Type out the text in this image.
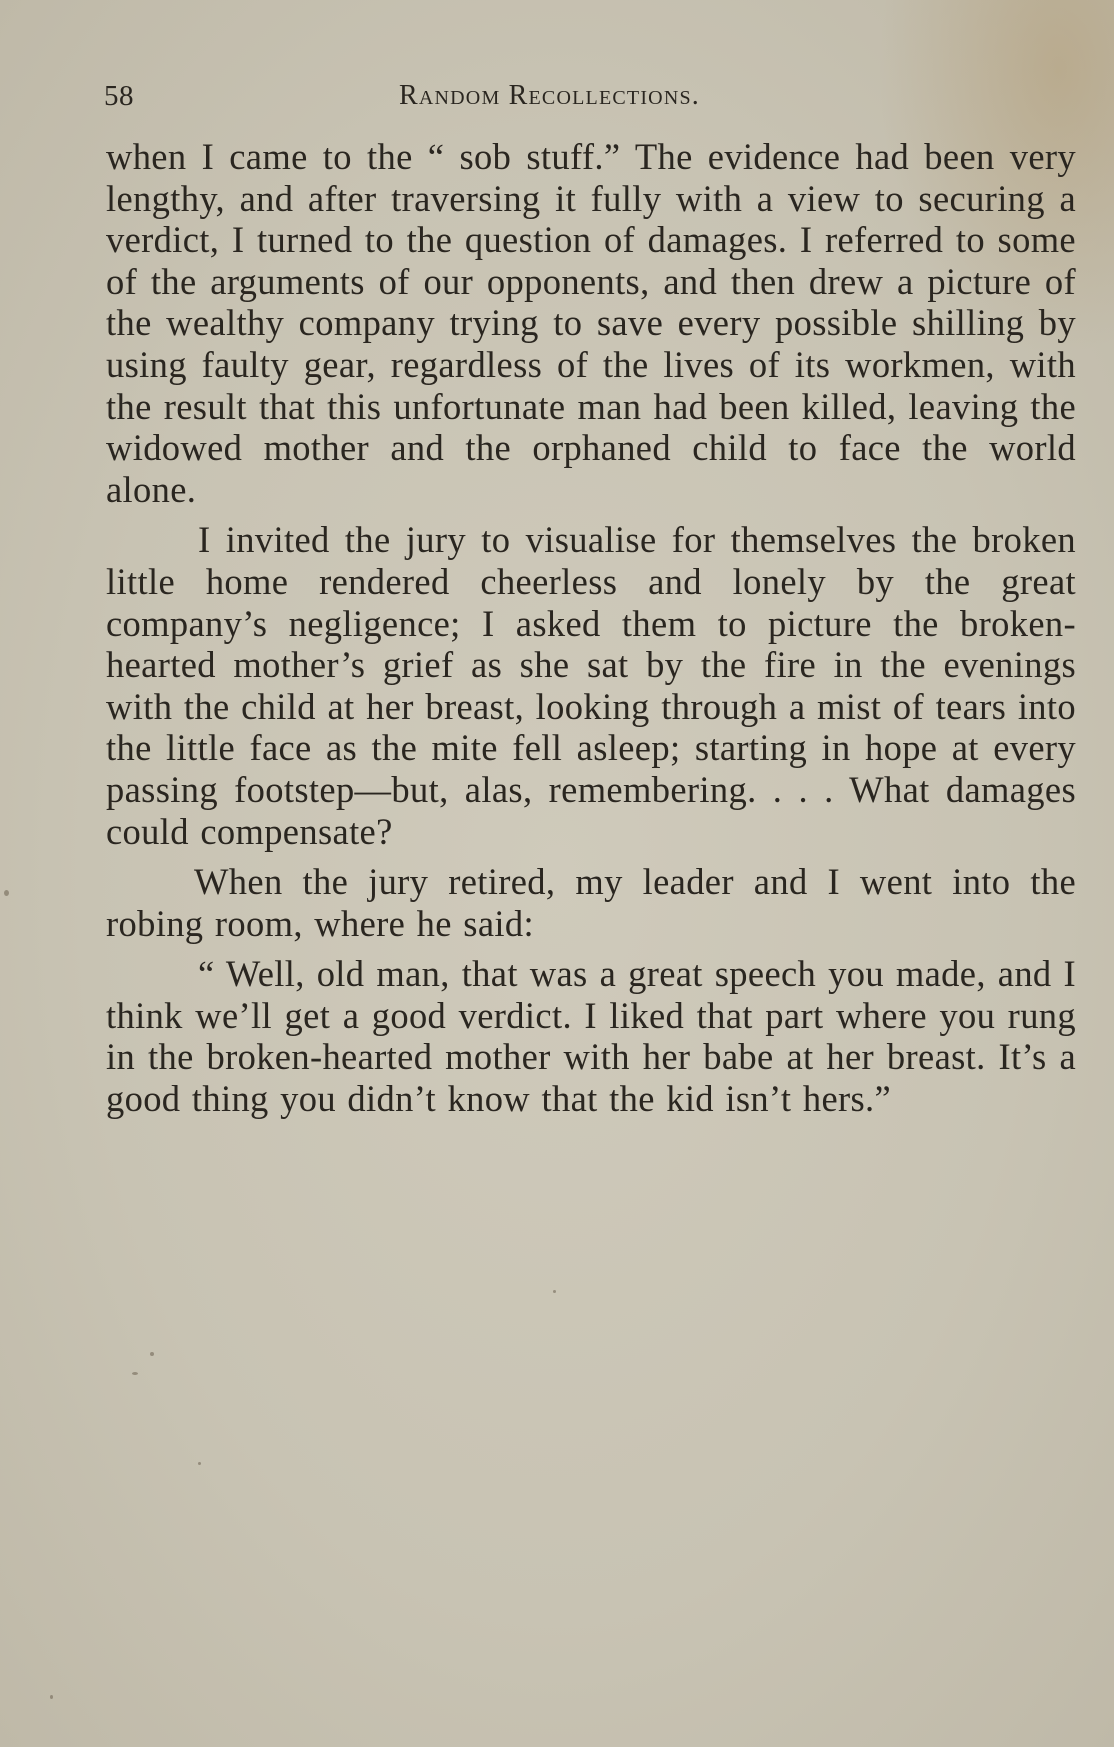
58	Random Recollections.

when I came to the “ sob stuff.” The evidence had been very lengthy, and after traversing it fully with a view to securing a verdict, I turned to the question of damages. I referred to some of the arguments of our opponents, and then drew a picture of the wealthy company trying to save every possible shilling by using faulty gear, regardless of the lives of its workmen, with the result that this unfortunate man had been killed, leaving the widowed mother and the orphaned child to face the world alone.

I invited the jury to visualise for themselves the broken little home rendered cheerless and lonely by the great company’s negligence; I asked them to picture the broken-hearted mother’s grief as she sat by the fire in the evenings with the child at her breast, looking through a mist of tears into the little face as the mite fell asleep; starting in hope at every passing footstep—but, alas, remembering. . . . What damages could compensate?

When the jury retired, my leader and I went into the robing room, where he said:

“ Well, old man, that was a great speech you made, and I think we’ll get a good verdict. I liked that part where you rung in the broken-hearted mother with her babe at her breast. It’s a good thing you didn’t know that the kid isn’t hers.”
